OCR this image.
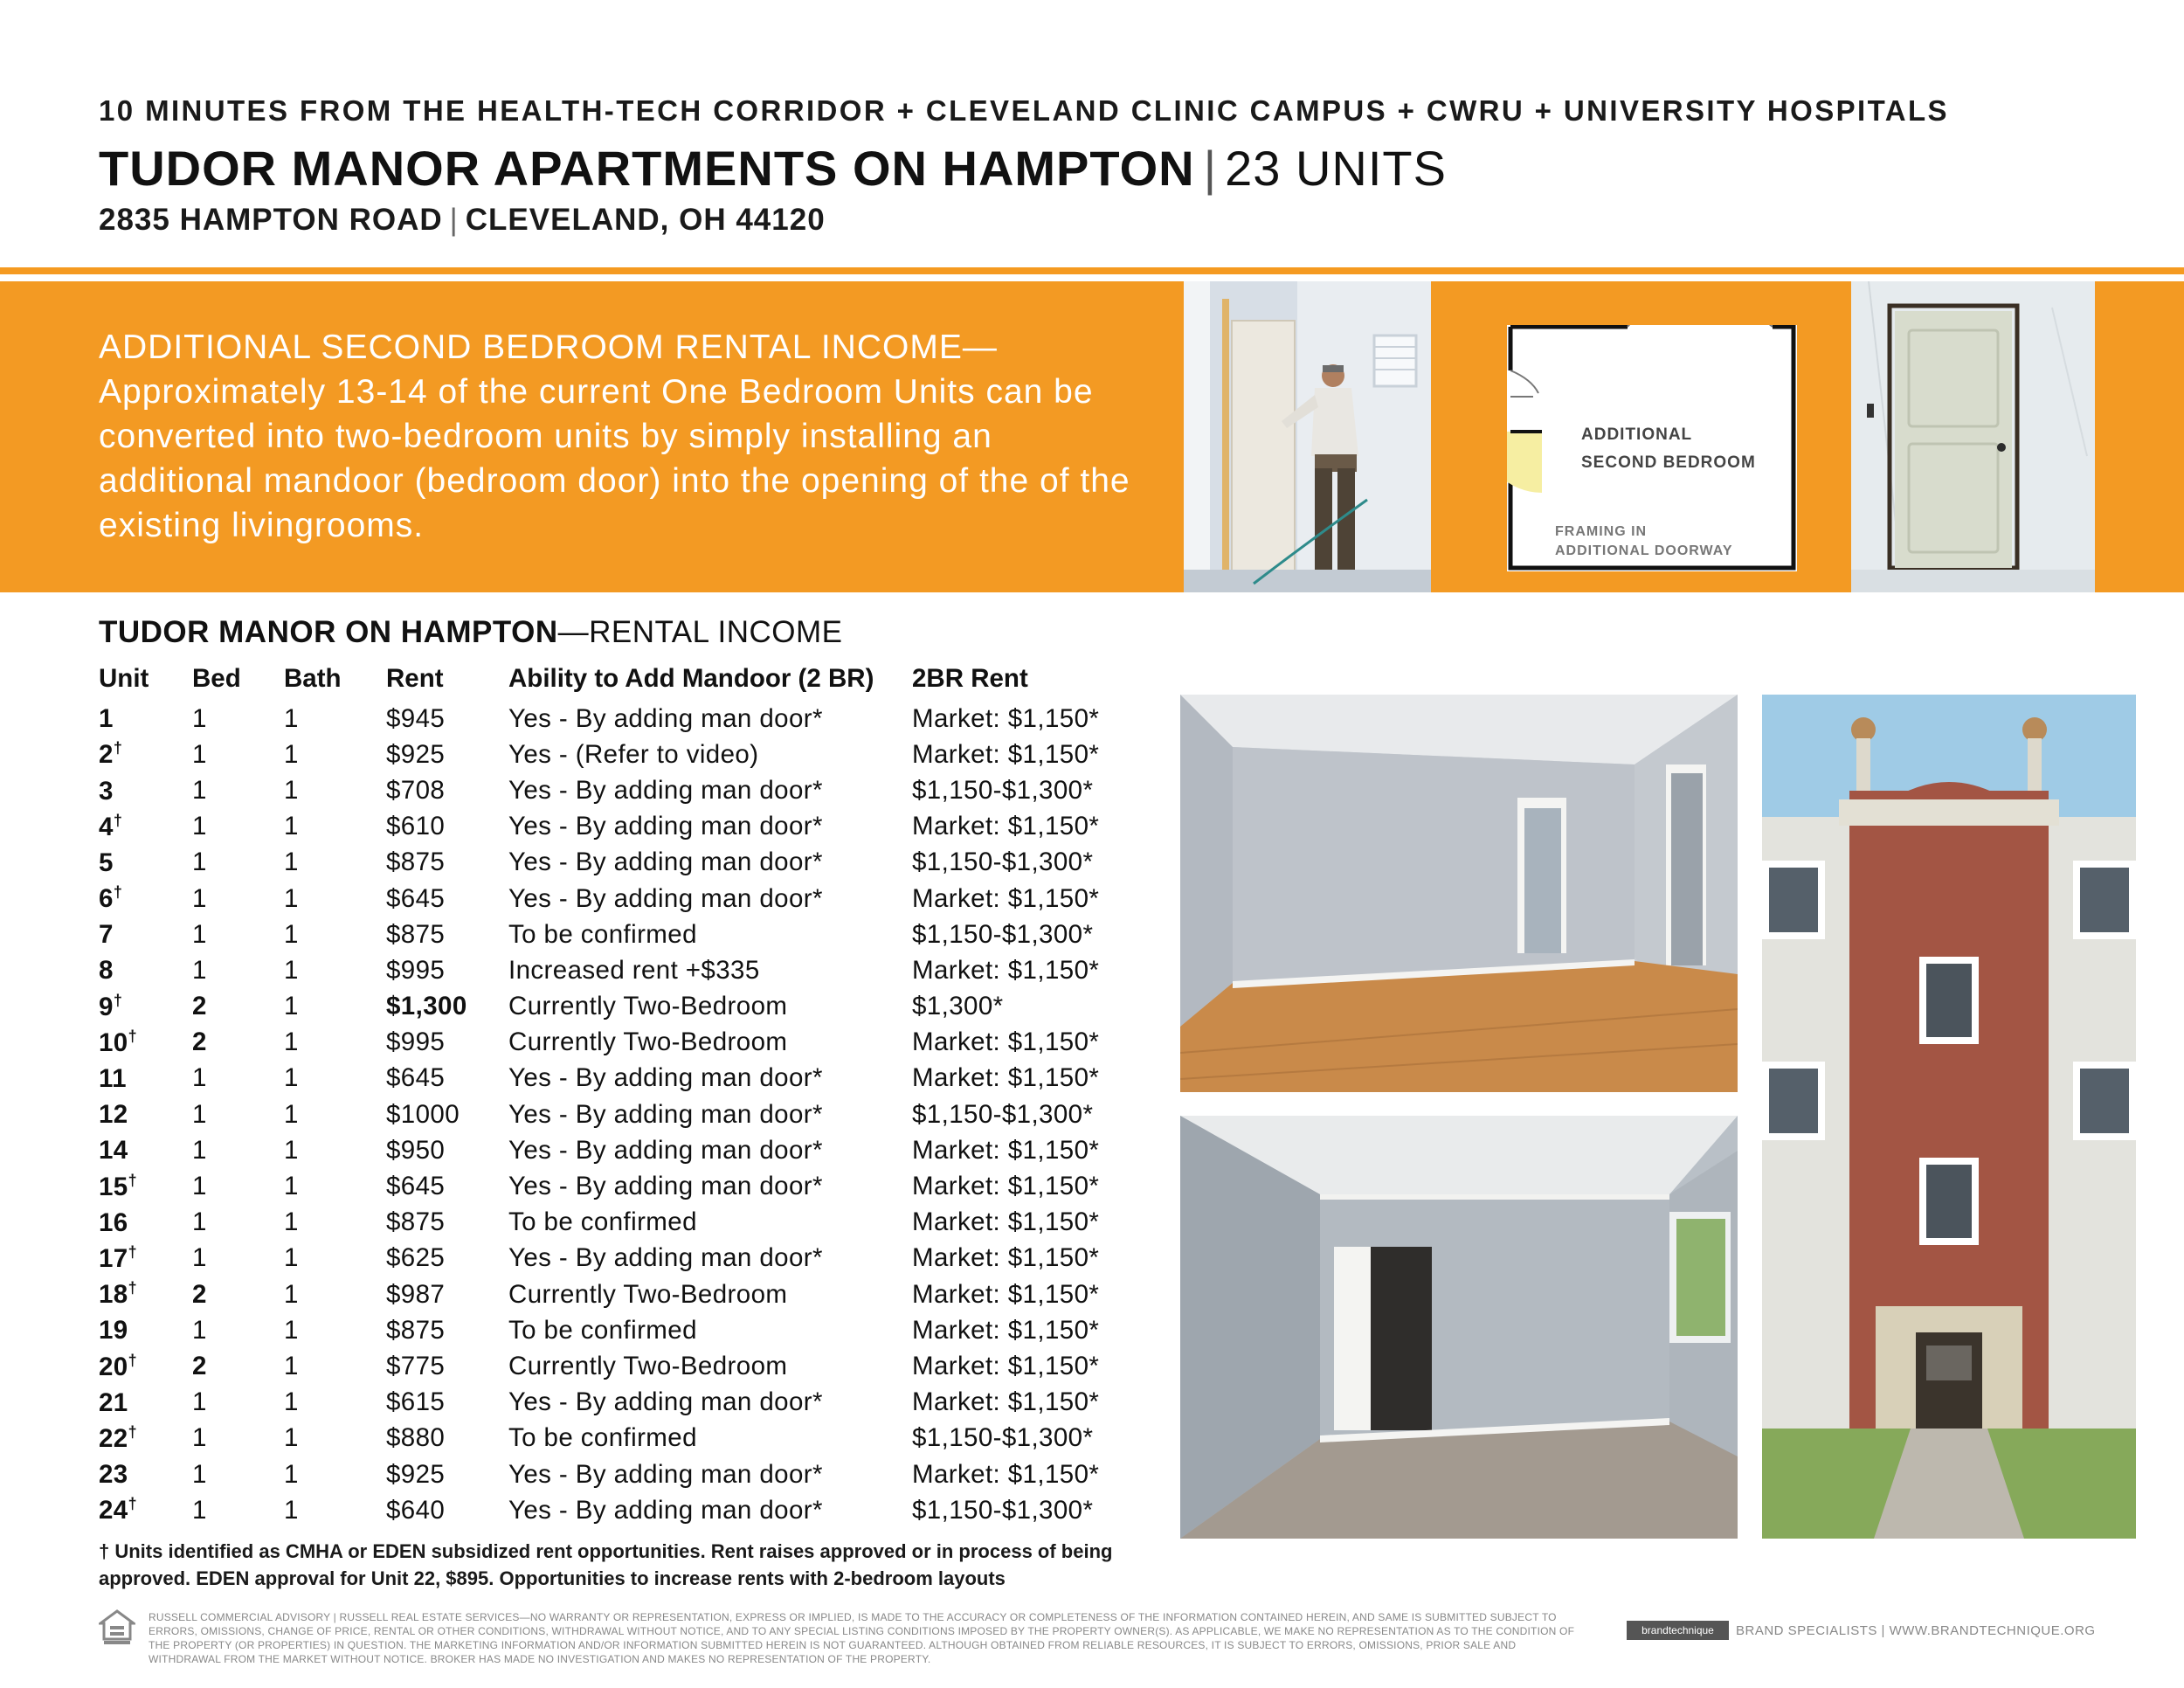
10 MINUTES FROM THE HEALTH-TECH CORRIDOR + CLEVELAND CLINIC CAMPUS + CWRU + UNIVERSITY HOSPITALS
TUDOR MANOR APARTMENTS ON HAMPTON | 23 UNITS
2835 HAMPTON ROAD | CLEVELAND, OH 44120
ADDITIONAL SECOND BEDROOM RENTAL INCOME—
Approximately 13-14 of the current One Bedroom Units can be converted into two-bedroom units by simply installing an additional mandoor (bedroom door) into the opening of the of the existing livingrooms.
ADDITIONAL
SECOND BEDROOM
FRAMING IN
ADDITIONAL DOORWAY
TUDOR MANOR ON HAMPTON—RENTAL INCOME
Unit	Bed	Bath	Rent	Ability to Add Mandoor (2 BR)	2BR Rent
1	1	1	$945	Yes - By adding man door*	Market: $1,150*
2†	1	1	$925	Yes - (Refer to video)	Market: $1,150*
3	1	1	$708	Yes - By adding man door*	$1,150-$1,300*
4†	1	1	$610	Yes - By adding man door*	Market: $1,150*
5	1	1	$875	Yes - By adding man door*	$1,150-$1,300*
6†	1	1	$645	Yes - By adding man door*	Market: $1,150*
7	1	1	$875	To be confirmed	$1,150-$1,300*
8	1	1	$995	Increased rent +$335	Market: $1,150*
9†	2	1	$1,300	Currently Two-Bedroom	$1,300*
10†	2	1	$995	Currently Two-Bedroom	Market: $1,150*
11	1	1	$645	Yes - By adding man door*	Market: $1,150*
12	1	1	$1000	Yes - By adding man door*	$1,150-$1,300*
14	1	1	$950	Yes - By adding man door*	Market: $1,150*
15†	1	1	$645	Yes - By adding man door*	Market: $1,150*
16	1	1	$875	To be confirmed	Market: $1,150*
17†	1	1	$625	Yes - By adding man door*	Market: $1,150*
18†	2	1	$987	Currently Two-Bedroom	Market: $1,150*
19	1	1	$875	To be confirmed	Market: $1,150*
20†	2	1	$775	Currently Two-Bedroom	Market: $1,150*
21	1	1	$615	Yes - By adding man door*	Market: $1,150*
22†	1	1	$880	To be confirmed	$1,150-$1,300*
23	1	1	$925	Yes - By adding man door*	Market: $1,150*
24†	1	1	$640	Yes - By adding man door*	$1,150-$1,300*
† Units identified as CMHA or EDEN subsidized rent opportunities. Rent raises approved or in process of being approved. EDEN approval for Unit 22, $895. Opportunities to increase rents with 2-bedroom layouts
RUSSELL COMMERCIAL ADVISORY | RUSSELL REAL ESTATE SERVICES—NO WARRANTY OR REPRESENTATION, EXPRESS OR IMPLIED, IS MADE TO THE ACCURACY OR COMPLETENESS OF THE INFORMATION CONTAINED HEREIN, AND SAME IS SUBMITTED SUBJECT TO ERRORS, OMISSIONS, CHANGE OF PRICE, RENTAL OR OTHER CONDITIONS, WITHDRAWAL WITHOUT NOTICE, AND TO ANY SPECIAL LISTING CONDITIONS IMPOSED BY THE PROPERTY OWNER(S). AS APPLICABLE, WE MAKE NO REPRESENTATION AS TO THE CONDITION OF THE PROPERTY (OR PROPERTIES) IN QUESTION. THE MARKETING INFORMATION AND/OR INFORMATION SUBMITTED HEREIN IS NOT GUARANTEED. ALTHOUGH OBTAINED FROM RELIABLE RESOURCES, IT IS SUBJECT TO ERRORS, OMISSIONS, PRIOR SALE AND WITHDRAWAL FROM THE MARKET WITHOUT NOTICE. BROKER HAS MADE NO INVESTIGATION AND MAKES NO REPRESENTATION OF THE PROPERTY.
brandtechnique	BRAND SPECIALISTS | WWW.BRANDTECHNIQUE.ORG
